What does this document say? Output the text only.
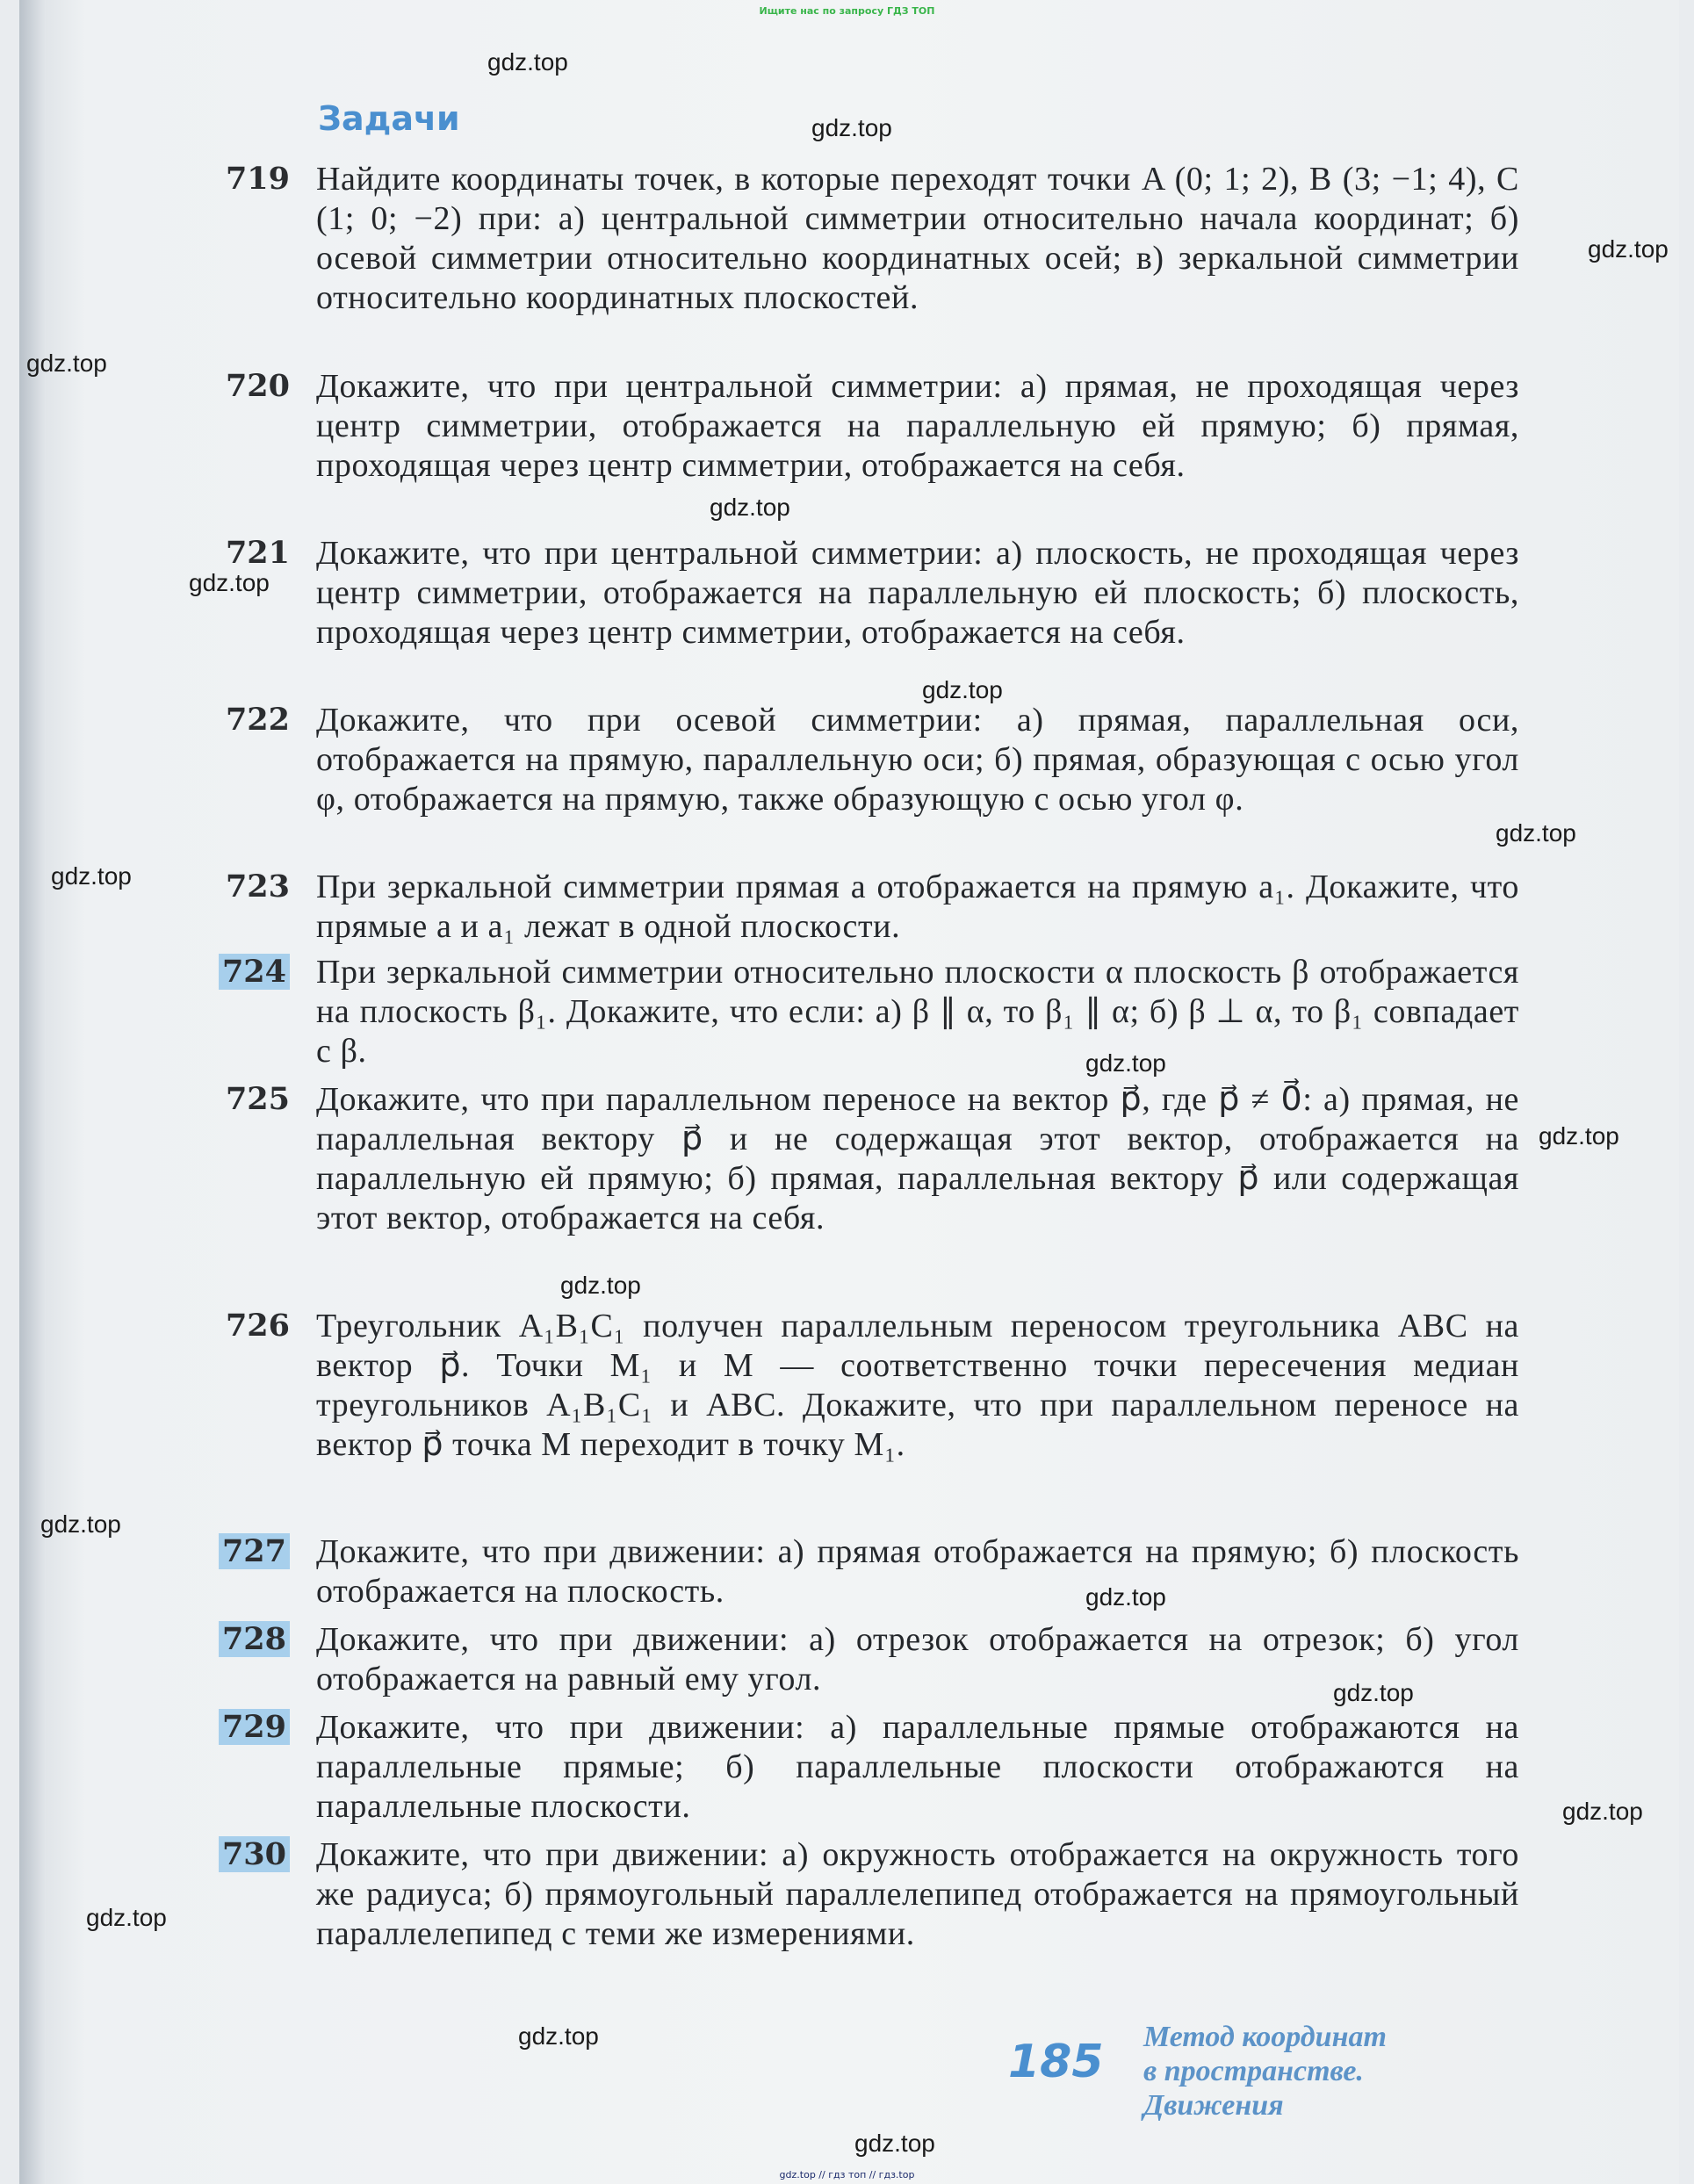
Ищите нас по запросу ГДЗ ТОП
Задачи
719 Найдите координаты точек, в которые переходят точки A (0; 1; 2), B (3; −1; 4), C (1; 0; −2) при: а) центральной симметрии относительно начала координат; б) осевой симметрии относительно координатных осей; в) зеркальной симметрии относительно координатных плоскостей.
720 Докажите, что при центральной симметрии: а) прямая, не проходящая через центр симметрии, отображается на параллельную ей прямую; б) прямая, проходящая через центр симметрии, отображается на себя.
721 Докажите, что при центральной симметрии: а) плоскость, не проходящая через центр симметрии, отображается на параллельную ей плоскость; б) плоскость, проходящая через центр симметрии, отображается на себя.
722 Докажите, что при осевой симметрии: а) прямая, параллельная оси, отображается на прямую, параллельную оси; б) прямая, образующая с осью угол φ, отображается на прямую, также образующую с осью угол φ.
723 При зеркальной симметрии прямая a отображается на прямую a₁. Докажите, что прямые a и a₁ лежат в одной плоскости.
724 При зеркальной симметрии относительно плоскости α плоскость β отображается на плоскость β₁. Докажите, что если: а) β ∥ α, то β₁ ∥ α; б) β ⊥ α, то β₁ совпадает с β.
725 Докажите, что при параллельном переносе на вектор p⃗, где p⃗ ≠ 0⃗: а) прямая, не параллельная вектору p⃗ и не содержащая этот вектор, отображается на параллельную ей прямую; б) прямая, параллельная вектору p⃗ или содержащая этот вектор, отображается на себя.
726 Треугольник A₁B₁C₁ получен параллельным переносом треугольника ABC на вектор p⃗. Точки M₁ и M — соответственно точки пересечения медиан треугольников A₁B₁C₁ и ABC. Докажите, что при параллельном переносе на вектор p⃗ точка M переходит в точку M₁.
727 Докажите, что при движении: а) прямая отображается на прямую; б) плоскость отображается на плоскость.
728 Докажите, что при движении: а) отрезок отображается на отрезок; б) угол отображается на равный ему угол.
729 Докажите, что при движении: а) параллельные прямые отображаются на параллельные прямые; б) параллельные плоскости отображаются на параллельные плоскости.
730 Докажите, что при движении: а) окружность отображается на окружность того же радиуса; б) прямоугольный параллелепипед отображается на прямоугольный параллелепипед с теми же измерениями.
gdz.top
gdz.top
gdz.top
gdz.top
gdz.top
gdz.top
gdz.top
gdz.top
gdz.top
gdz.top
gdz.top
gdz.top
gdz.top
gdz.top
gdz.top
gdz.top
gdz.top
gdz.top
gdz.top
185 Метод координат
в пространстве.
Движения
gdz.top // гдз топ // гдз.top
